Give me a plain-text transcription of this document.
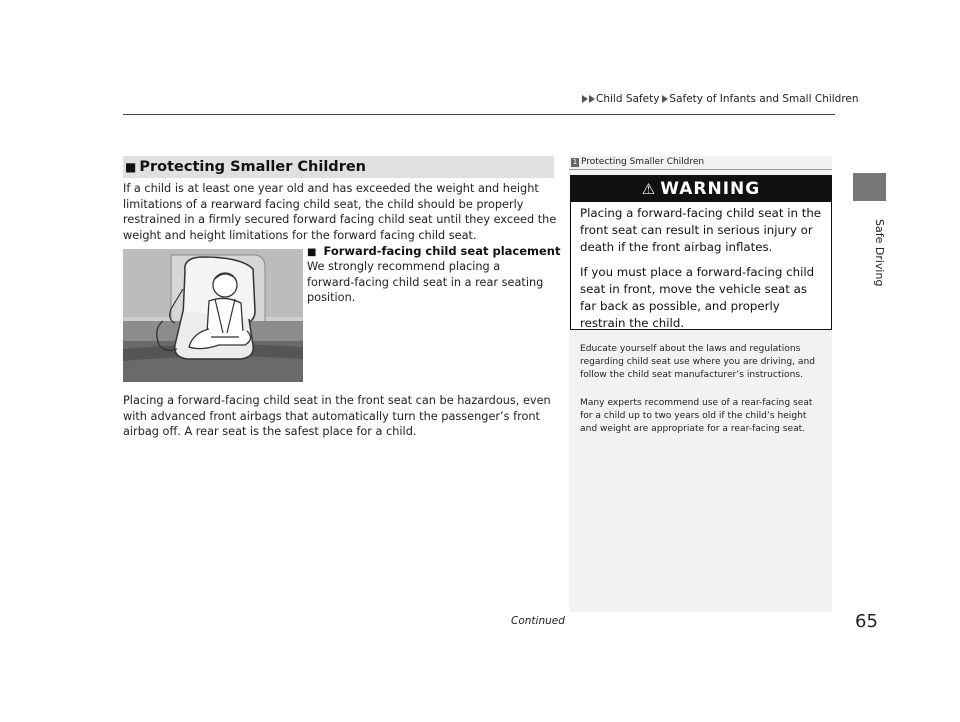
Child Safety Safety of Infants and Small Children
Safe Driving
■ Protecting Smaller Children
If a child is at least one year old and has exceeded the weight and height limitations of a rearward facing child seat, the child should be properly restrained in a firmly secured forward facing child seat until they exceed the weight and height limitations for the forward facing child seat.
■ Forward-facing child seat placement
We strongly recommend placing a forward-facing child seat in a rear seating position.
Placing a forward-facing child seat in the front seat can be hazardous, even with advanced front airbags that automatically turn the passenger’s front airbag off. A rear seat is the safest place for a child.
1 Protecting Smaller Children
⚠ WARNING

Placing a forward-facing child seat in the front seat can result in serious injury or death if the front airbag inflates.

If you must place a forward-facing child seat in front, move the vehicle seat as far back as possible, and properly restrain the child.

Educate yourself about the laws and regulations regarding child seat use where you are driving, and follow the child seat manufacturer’s instructions.
Many experts recommend use of a rear-facing seat for a child up to two years old if the child’s height and weight are appropriate for a rear-facing seat.
Continued	65
